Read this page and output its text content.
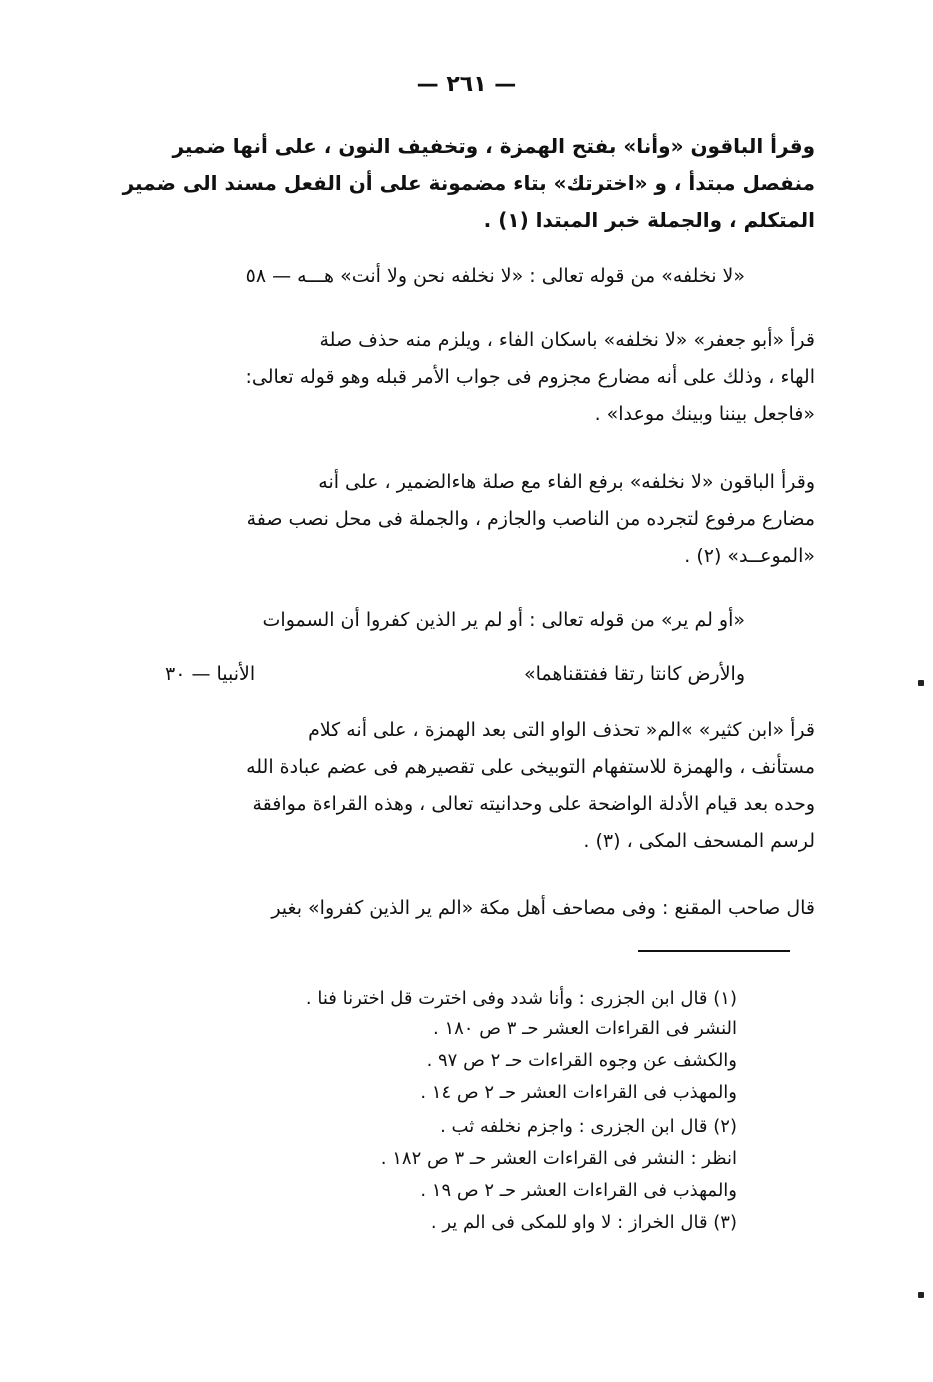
— ٢٦١ —
وقرأ الباقون «وأنا» بفتح الهمزة ، وتخفيف النون ، على أنها ضمير
منفصل مبتدأ ، و «اخترتك» بتاء مضمونة على أن الفعل مسند الى ضمير
المتكلم ، والجملة خبر المبتدا (١) .
«لا نخلفه» من قوله تعالى : «لا نخلفه نحن ولا أنت» هـــه — ٥٨
قرأ «أبو جعفر» «لا نخلفه» باسكان الفاء ، ويلزم منه حذف صلة
الهاء ، وذلك على أنه مضارع مجزوم فى جواب الأمر قبله وهو قوله تعالى:
«فاجعل بيننا وبينك موعدا» .
وقرأ الباقون «لا نخلفه» برفع الفاء مع صلة هاءالضمير ، على أنه
مضارع مرفوع لتجرده من الناصب والجازم ، والجملة فى محل نصب صفة
«الموعــد» (٢) .
«أو لم ير» من قوله تعالى : أو لم ير الذين كفروا أن السموات
والأرض كانتا رتقا ففتقناهما»
الأنبيا — ٣٠
قرأ «ابن كثير» »الم« تحذف الواو التى بعد الهمزة ، على أنه كلام
مستأنف ، والهمزة للاستفهام التوبيخى على تقصيرهم فى عضم عبادة الله
وحده بعد قيام الأدلة الواضحة على وحدانيته تعالى ، وهذه القراءة موافقة
لرسم المسحف المكى ، (٣) .
قال صاحب المقنع : وفى مصاحف أهل مكة «الم ير الذين كفروا» بغير
(١) قال ابن الجزرى : وأنا شدد وفى اخترت قل اخترنا فنا .
النشر فى القراءات العشر حـ ٣ ص ١٨٠ .
والكشف عن وجوه القراءات حـ ٢ ص ٩٧ .
والمهذب فى القراءات العشر حـ ٢ ص ١٤ .
(٢) قال ابن الجزرى : واجزم نخلفه ثب .
انظر : النشر فى القراءات العشر حـ ٣ ص ١٨٢ .
والمهذب فى القراءات العشر حـ ٢ ص ١٩ .
(٣) قال الخراز : لا واو للمكى فى الم ير .
